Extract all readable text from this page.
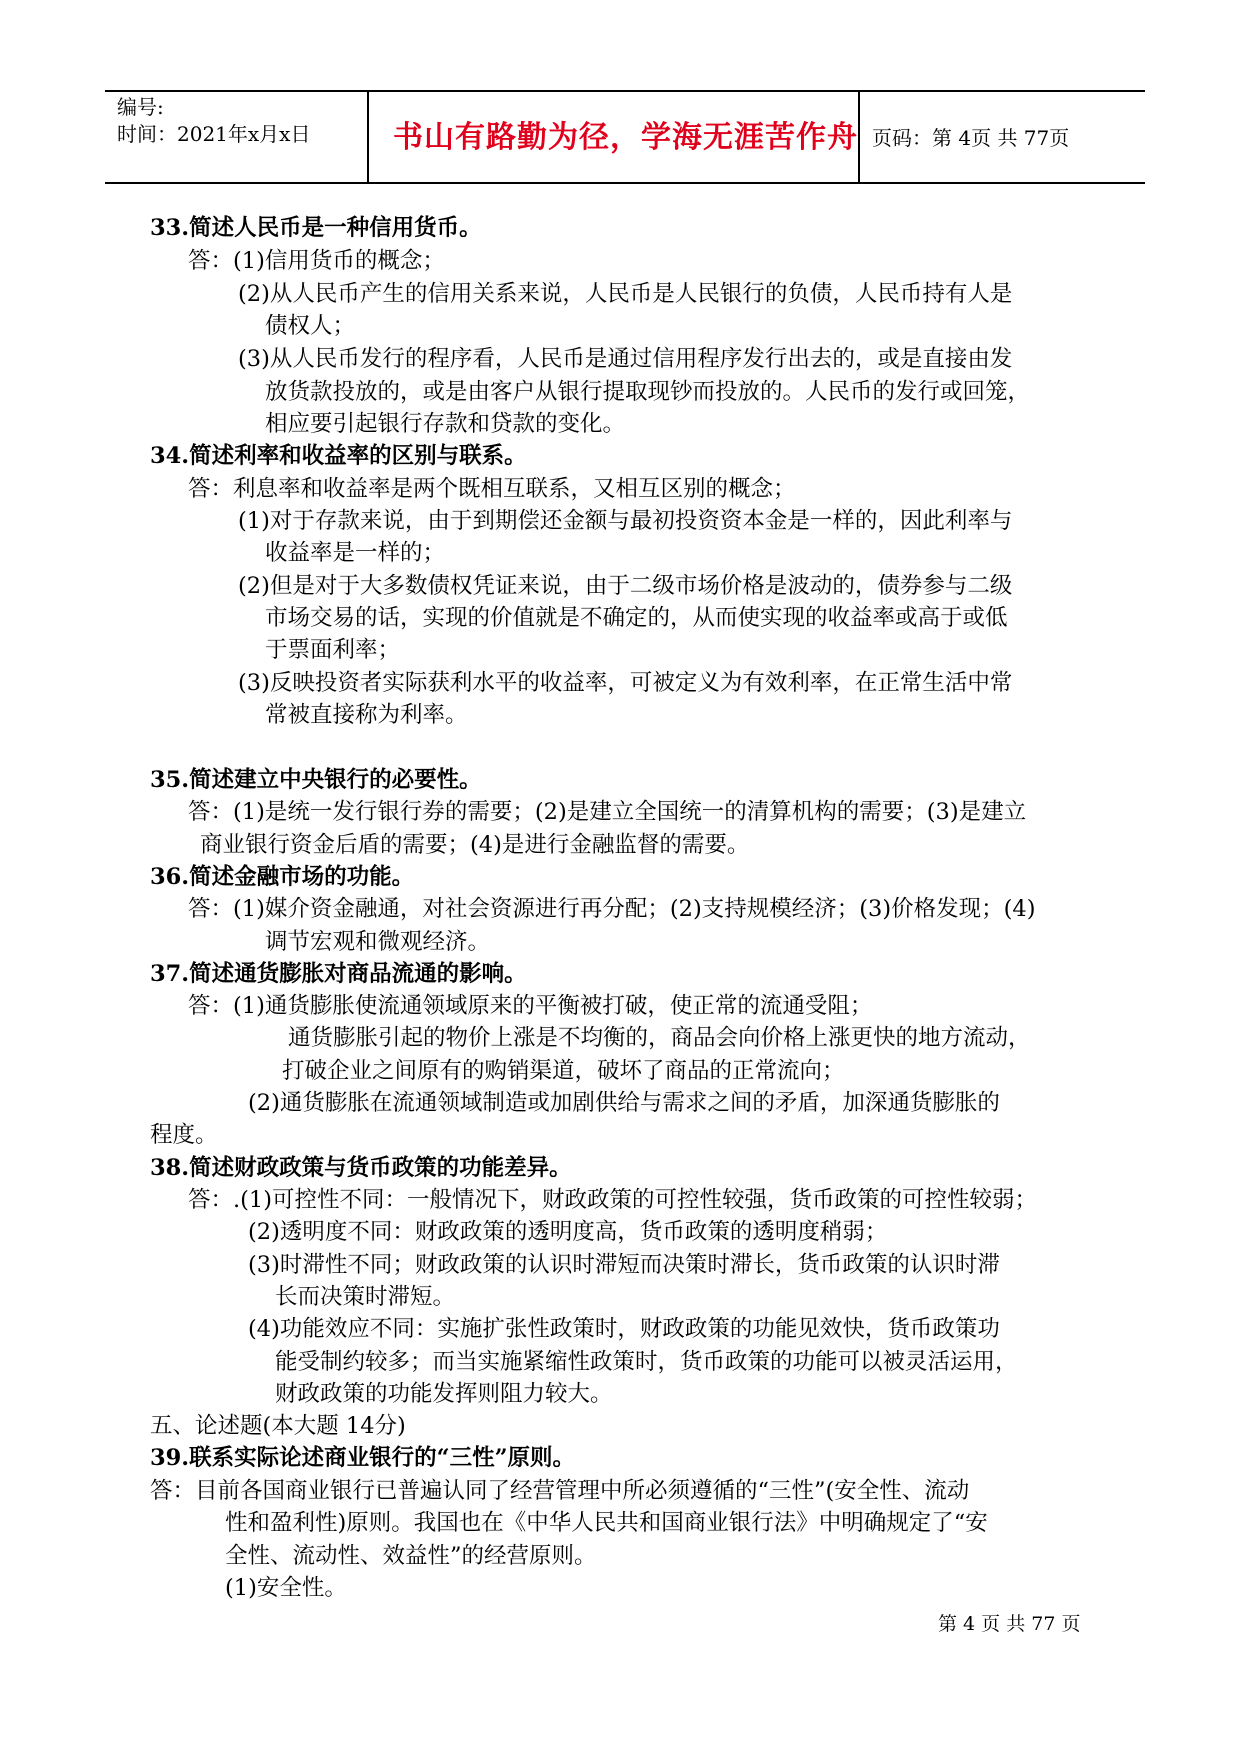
编号:
时间：2021年x月x日	书山有路勤为径，学海无涯苦作舟 页码：第 4页 共 77页
33.简述人民币是一种信用货币。
答：(1)信用货币的概念；
(2)从人民币产生的信用关系来说，人民币是人民银行的负债，人民币持有人是
债权人；
(3)从人民币发行的程序看，人民币是通过信用程序发行出去的，或是直接由发
放货款投放的，或是由客户从银行提取现钞而投放的。人民币的发行或回笼，
相应要引起银行存款和贷款的变化。
34.简述利率和收益率的区别与联系。
答：利息率和收益率是两个既相互联系，又相互区别的概念；
(1)对于存款来说，由于到期偿还金额与最初投资资本金是一样的，因此利率与
收益率是一样的；
(2)但是对于大多数债权凭证来说，由于二级市场价格是波动的，债券参与二级
市场交易的话，实现的价值就是不确定的，从而使实现的收益率或高于或低
于票面利率；
(3)反映投资者实际获利水平的收益率，可被定义为有效利率，在正常生活中常
常被直接称为利率。
35.简述建立中央银行的必要性。
答：(1)是统一发行银行券的需要；(2)是建立全国统一的清算机构的需要；(3)是建立
商业银行资金后盾的需要；(4)是进行金融监督的需要。
36.简述金融市场的功能。
答：(1)媒介资金融通，对社会资源进行再分配；(2)支持规模经济；(3)价格发现；(4)
调节宏观和微观经济。
37.简述通货膨胀对商品流通的影响。
答：(1)通货膨胀使流通领域原来的平衡被打破，使正常的流通受阻；
通货膨胀引起的物价上涨是不均衡的，商品会向价格上涨更快的地方流动，
打破企业之间原有的购销渠道，破坏了商品的正常流向；
(2)通货膨胀在流通领域制造或加剧供给与需求之间的矛盾，加深通货膨胀的
程度。
38.简述财政政策与货币政策的功能差异。
答：.(1)可控性不同：一般情况下，财政政策的可控性较强，货币政策的可控性较弱；
(2)透明度不同：财政政策的透明度高，货币政策的透明度稍弱；
(3)时滞性不同；财政政策的认识时滞短而决策时滞长，货币政策的认识时滞
长而决策时滞短。
(4)功能效应不同：实施扩张性政策时，财政政策的功能见效快，货币政策功
能受制约较多；而当实施紧缩性政策时，货币政策的功能可以被灵活运用，
财政政策的功能发挥则阻力较大。
五、论述题(本大题 14分)
39.联系实际论述商业银行的“三性”原则。
答：目前各国商业银行已普遍认同了经营管理中所必须遵循的“三性”(安全性、流动
性和盈利性)原则。我国也在《中华人民共和国商业银行法》中明确规定了“安
全性、流动性、效益性”的经营原则。
(1)安全性。
第 4 页 共 77 页
